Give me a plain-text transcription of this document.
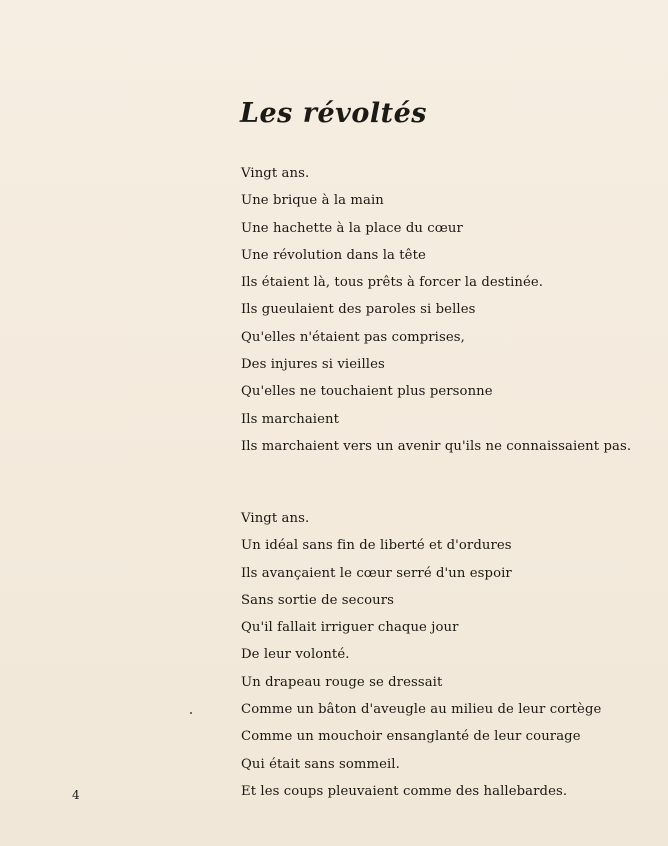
Les révoltés
Vingt ans.
Une brique à la main
Une hachette à la place du cœur
Une révolution dans la tête
Ils étaient là, tous prêts à forcer la destinée.
Ils gueulaient des paroles si belles
Qu'elles n'étaient pas comprises,
Des injures si vieilles
Qu'elles ne touchaient plus personne
Ils marchaient
Ils marchaient vers un avenir qu'ils ne connaissaient pas.
Vingt ans.
Un idéal sans fin de liberté et d'ordures
Ils avançaient le cœur serré d'un espoir
Sans sortie de secours
Qu'il fallait irriguer chaque jour
De leur volonté.
Un drapeau rouge se dressait
Comme un bâton d'aveugle au milieu de leur cortège
Comme un mouchoir ensanglanté de leur courage
Qui était sans sommeil.
Et les coups pleuvaient comme des hallebardes.
4
